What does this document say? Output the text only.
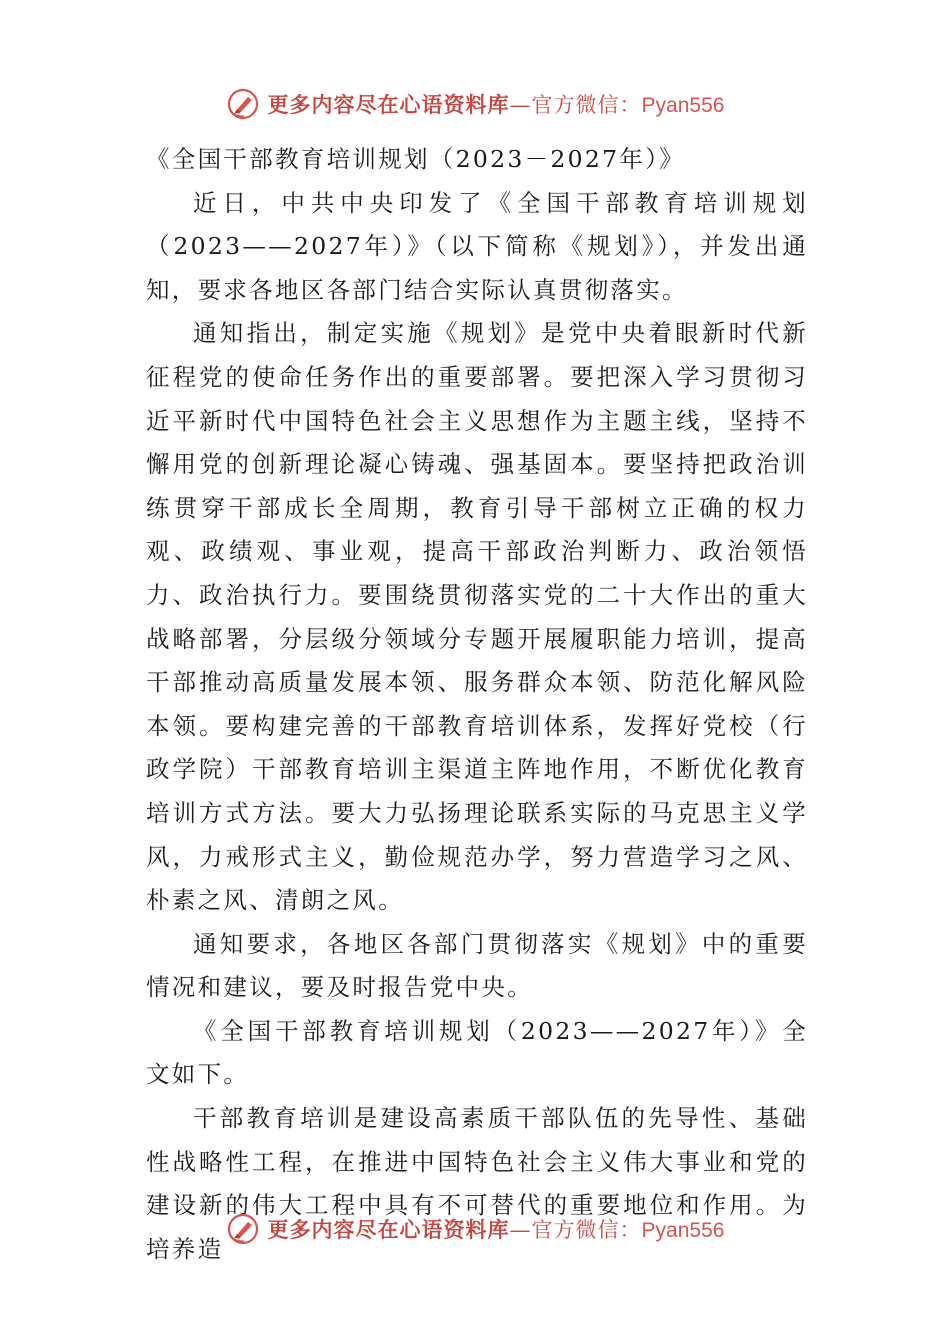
更多内容尽在心语资料库—官方微信：Pyan556

《全国干部教育培训规划（2023－2027年）》

近日，中共中央印发了《全国干部教育培训规划（2023——2027年）》（以下简称《规划》），并发出通知，要求各地区各部门结合实际认真贯彻落实。

通知指出，制定实施《规划》是党中央着眼新时代新征程党的使命任务作出的重要部署。要把深入学习贯彻习近平新时代中国特色社会主义思想作为主题主线，坚持不懈用党的创新理论凝心铸魂、强基固本。要坚持把政治训练贯穿干部成长全周期，教育引导干部树立正确的权力观、政绩观、事业观，提高干部政治判断力、政治领悟力、政治执行力。要围绕贯彻落实党的二十大作出的重大战略部署，分层级分领域分专题开展履职能力培训，提高干部推动高质量发展本领、服务群众本领、防范化解风险本领。要构建完善的干部教育培训体系，发挥好党校（行政学院）干部教育培训主渠道主阵地作用，不断优化教育培训方式方法。要大力弘扬理论联系实际的马克思主义学风，力戒形式主义，勤俭规范办学，努力营造学习之风、朴素之风、清朗之风。

通知要求，各地区各部门贯彻落实《规划》中的重要情况和建议，要及时报告党中央。

《全国干部教育培训规划（2023——2027年）》全文如下。

干部教育培训是建设高素质干部队伍的先导性、基础性战略性工程，在推进中国特色社会主义伟大事业和党的建设新的伟大工程中具有不可替代的重要地位和作用。为培养造

更多内容尽在心语资料库—官方微信：Pyan556
